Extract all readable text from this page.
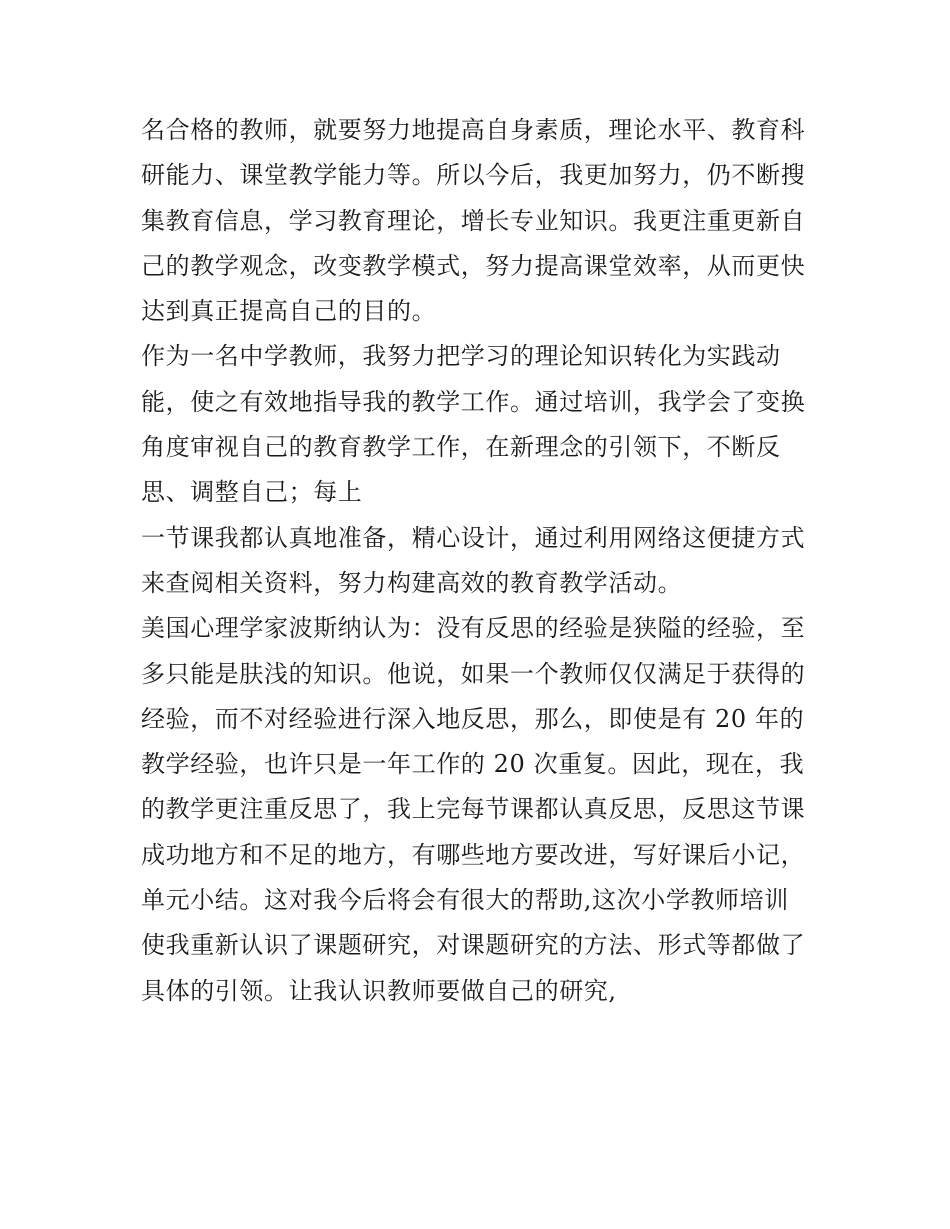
名合格的教师，就要努力地提高自身素质，理论水平、教育科
研能力、课堂教学能力等。所以今后，我更加努力，仍不断搜
集教育信息，学习教育理论，增长专业知识。我更注重更新自
己的教学观念，改变教学模式，努力提高课堂效率，从而更快
达到真正提高自己的目的。
作为一名中学教师，我努力把学习的理论知识转化为实践动
能，使之有效地指导我的教学工作。通过培训，我学会了变换
角度审视自己的教育教学工作，在新理念的引领下，不断反
思、调整自己；每上
一节课我都认真地准备，精心设计，通过利用网络这便捷方式
来查阅相关资料，努力构建高效的教育教学活动。
美国心理学家波斯纳认为：没有反思的经验是狭隘的经验，至
多只能是肤浅的知识。他说，如果一个教师仅仅满足于获得的
经验，而不对经验进行深入地反思，那么，即使是有 20 年的
教学经验，也许只是一年工作的 20 次重复。因此，现在，我
的教学更注重反思了，我上完每节课都认真反思，反思这节课
成功地方和不足的地方，有哪些地方要改进，写好课后小记，
单元小结。这对我今后将会有很大的帮助,这次小学教师培训
使我重新认识了课题研究，对课题研究的方法、形式等都做了
具体的引领。让我认识教师要做自己的研究,
